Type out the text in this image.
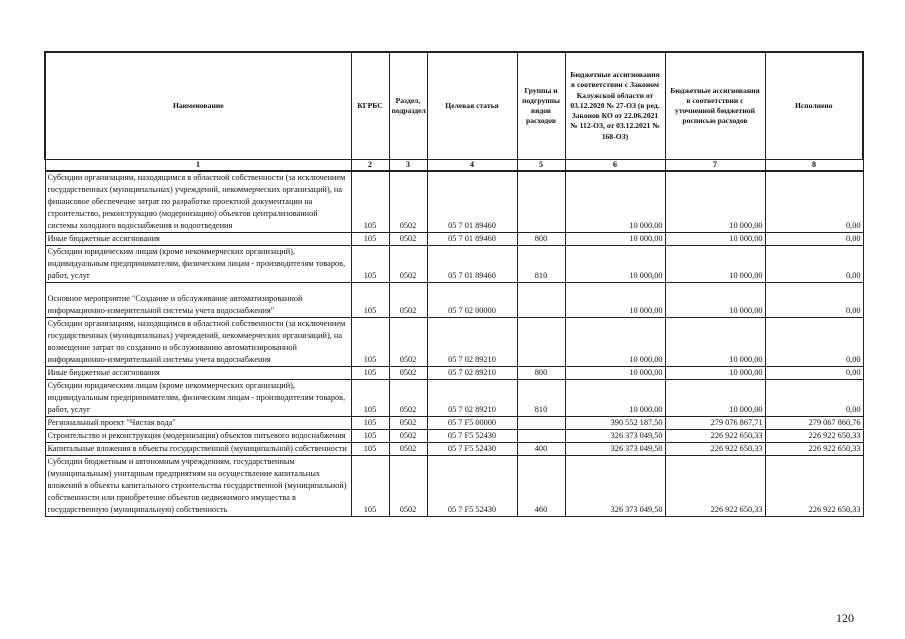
Наименование	КГРБС	Раздел, подраздел	Целевая статья	Группы и подгруппы видов расходов	Бюджетные ассигнования в соответствии с Законом Калужской области от 03.12.2020 № 27-ОЗ (в ред. Законов КО от 22.06.2021 № 112-ОЗ, от 03.12.2021 № 168-ОЗ)	Бюджетные ассигнования в соответствии с уточненной бюджетной росписью расходов	Исполнено
1	2	3	4	5	6	7	8
Субсидии организациям, находящимся в областной собственности (за исключением государственных (муниципальных) учреждений, некоммерческих организаций), на финансовое обеспечение затрат по разработке проектной документации на строительство, реконструкцию (модернизацию) объектов централизованной системы холодного водоснабжения и водоотведения	105	0502	05 7 01 89460		10 000,00	10 000,00	0,00
Иные бюджетные ассигнования	105	0502	05 7 01 89460	800	10 000,00	10 000,00	0,00
Субсидии юридическим лицам (кроме некоммерческих организаций), индивидуальным предпринимателям, физическим лицам - производителям товаров, работ, услуг	105	0502	05 7 01 89460	810	10 000,00	10 000,00	0,00
Основное мероприятие "Создание и обслуживание автоматизированной информационно-измерительной системы учета водоснабжения"	105	0502	05 7 02 00000		10 000,00	10 000,00	0,00
Субсидии организациям, находящимся в областной собственности (за исключением государственных (муниципальных) учреждений, некоммерческих организаций), на возмещение затрат по созданию и обслуживанию автоматизированной информационно-измерительной системы учета водоснабжения	105	0502	05 7 02 89210		10 000,00	10 000,00	0,00
Иные бюджетные ассигнования	105	0502	05 7 02 89210	800	10 000,00	10 000,00	0,00
Субсидии юридическим лицам (кроме некоммерческих организаций), индивидуальным предпринимателям, физическим лицам - производителям товаров, работ, услуг	105	0502	05 7 02 89210	810	10 000,00	10 000,00	0,00
Региональный проект "Чистая вода"	105	0502	05 7 F5 00000		390 552 187,50	279 076 867,71	279 067 860,76
Строительство и реконструкция (модернизация) объектов питьевого водоснабжения	105	0502	05 7 F5 52430		326 373 049,50	226 922 650,33	226 922 650,33
Капитальные вложения в объекты государственной (муниципальной) собственности	105	0502	05 7 F5 52430	400	326 373 049,50	226 922 650,33	226 922 650,33
Субсидии бюджетным и автономным учреждениям, государственным (муниципальным) унитарным предприятиям на осуществление капитальных вложений в объекты капитального строительства государственной (муниципальной) собственности или приобретение объектов недвижимого имущества в государственную (муниципальную) собственность	105	0502	05 7 F5 52430	460	326 373 049,50	226 922 650,33	226 922 650,33
120
